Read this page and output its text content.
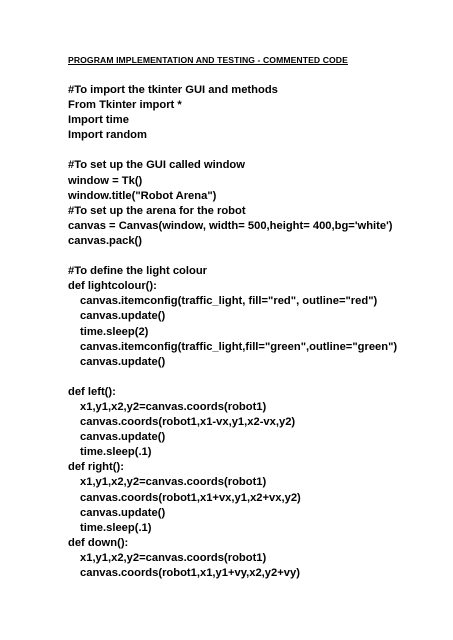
PROGRAM IMPLEMENTATION AND TESTING - COMMENTED CODE
#To import the tkinter GUI and methods
From Tkinter import *
Import time
Import random
#To set up the GUI called window
window = Tk()
window.title("Robot Arena")
#To set up the arena for the robot
canvas = Canvas(window, width= 500,height= 400,bg='white')
canvas.pack()
#To define the light colour
def lightcolour():
canvas.itemconfig(traffic_light, fill="red", outline="red")
canvas.update()
time.sleep(2)
canvas.itemconfig(traffic_light,fill="green",outline="green")
canvas.update()
def left():
x1,y1,x2,y2=canvas.coords(robot1)
canvas.coords(robot1,x1-vx,y1,x2-vx,y2)
canvas.update()
time.sleep(.1)
def right():
x1,y1,x2,y2=canvas.coords(robot1)
canvas.coords(robot1,x1+vx,y1,x2+vx,y2)
canvas.update()
time.sleep(.1)
def down():
x1,y1,x2,y2=canvas.coords(robot1)
canvas.coords(robot1,x1,y1+vy,x2,y2+vy)
